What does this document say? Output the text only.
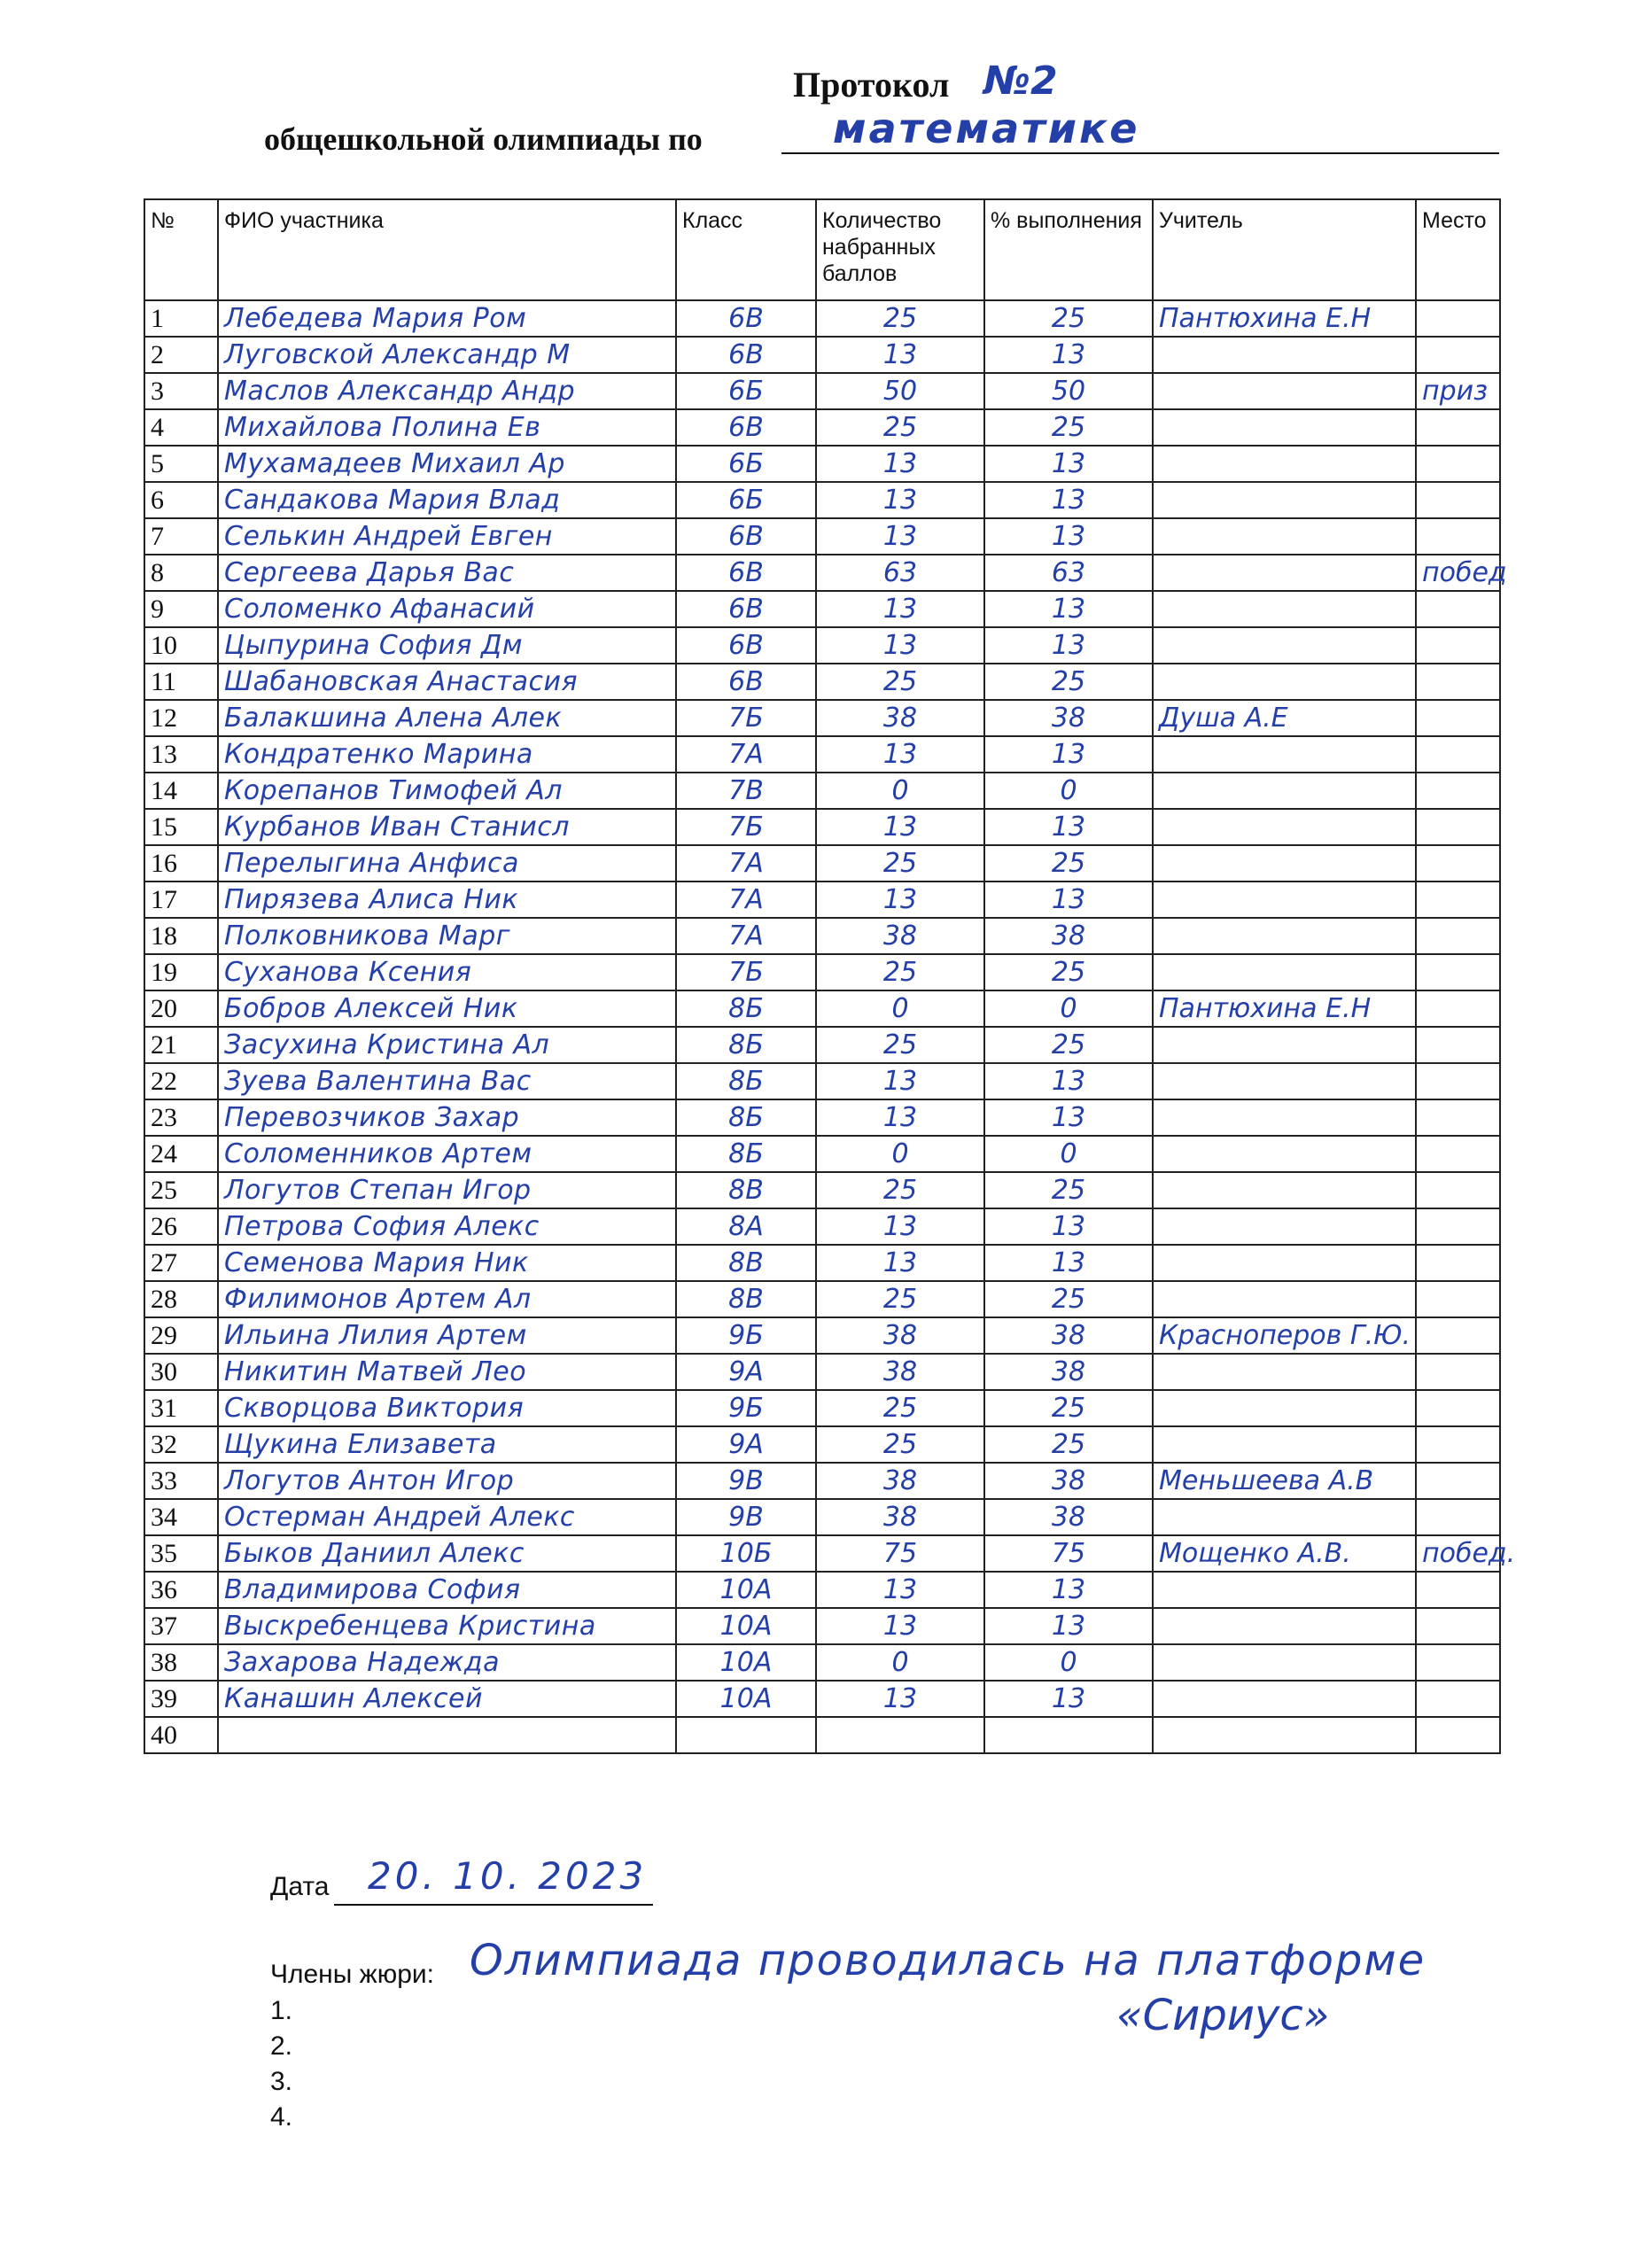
Протокол №2
общешкольной олимпиады по	математике
№	ФИО участника	Класс	Количество набранных баллов	% выполнения	Учитель	Место
1	Лебедева Мария Ром	6В	25	25	Пантюхина Е.Н	
2	Луговской Александр М	6В	13	13		
3	Маслов Александр Андр	6Б	50	50		приз
4	Михайлова Полина Ев	6В	25	25		
5	Мухамадеев Михаил Ар	6Б	13	13		
6	Сандакова Мария Влад	6Б	13	13		
7	Селькин Андрей Евген	6В	13	13		
8	Сергеева Дарья Вас	6В	63	63		побед
9	Соломенко Афанасий	6В	13	13		
10	Цыпурина София Дм	6В	13	13		
11	Шабановская Анастасия	6В	25	25		
12	Балакшина Алена Алек	7Б	38	38	Душа А.Е	
13	Кондратенко Марина	7А	13	13		
14	Корепанов Тимофей Ал	7В	0	0		
15	Курбанов Иван Станисл	7Б	13	13		
16	Перелыгина Анфиса	7А	25	25		
17	Пирязева Алиса Ник	7А	13	13		
18	Полковникова Марг	7А	38	38		
19	Суханова Ксения	7Б	25	25		
20	Бобров Алексей Ник	8Б	0	0	Пантюхина Е.Н	
21	Засухина Кристина Ал	8Б	25	25		
22	Зуева Валентина Вас	8Б	13	13		
23	Перевозчиков Захар	8Б	13	13		
24	Соломенников Артем	8Б	0	0		
25	Логутов Степан Игор	8В	25	25		
26	Петрова София Алекс	8А	13	13		
27	Семенова Мария Ник	8В	13	13		
28	Филимонов Артем Ал	8В	25	25		
29	Ильина Лилия Артем	9Б	38	38	Красноперов Г.Ю.	
30	Никитин Матвей Лео	9А	38	38		
31	Скворцова Виктория	9Б	25	25		
32	Щукина Елизавета	9А	25	25		
33	Логутов Антон Игор	9В	38	38	Меньшеева А.В	
34	Остерман Андрей Алекс	9В	38	38		
35	Быков Даниил Алекс	10Б	75	75	Мощенко А.В.	побед.
36	Владимирова София	10А	13	13		
37	Выскребенцева Кристина	10А	13	13		
38	Захарова Надежда	10А	0	0		
39	Канашин Алексей	10А	13	13		
40						
Дата 20. 10. 2023
Члены жюри: Олимпиада проводилась на платформе
«Сириус»
1.
2.
3.
4.
